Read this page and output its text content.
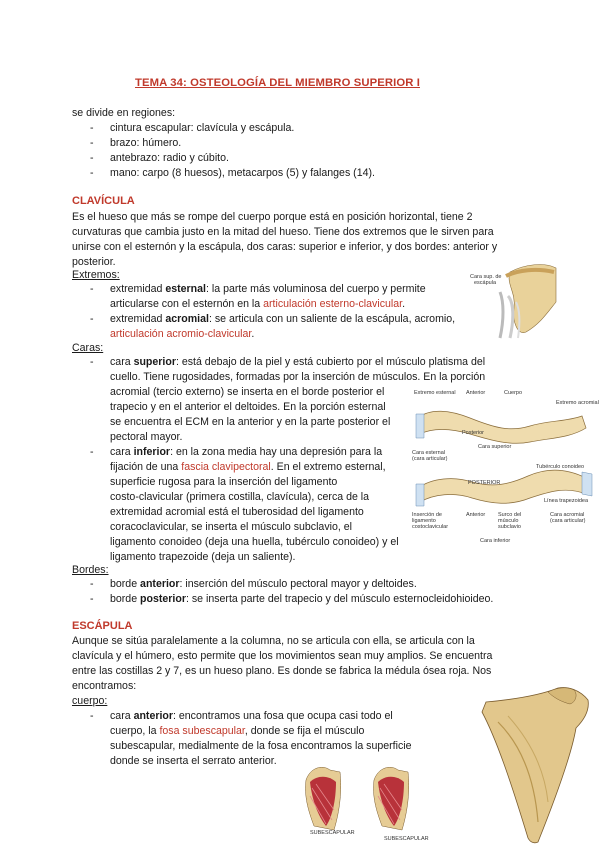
TEMA 34: OSTEOLOGÍA DEL MIEMBRO SUPERIOR I
se divide en regiones:
- cintura escapular: clavícula y escápula.
- brazo: húmero.
- antebrazo: radio y cúbito.
- mano: carpo (8 huesos), metacarpos (5) y falanges (14).
CLAVÍCULA
Es el hueso que más se rompe del cuerpo porque está en posición horizontal, tiene 2
curvaturas que cambia justo en la mitad del hueso. Tiene dos extremos que le sirven para
unirse con el esternón y la escápula, dos caras: superior e inferior, y dos bordes: anterior y
posterior.
Extremos:
- extremidad esternal: la parte más voluminosa del cuerpo y permite
articularse con el esternón en la articulación esterno-clavicular.
- extremidad acromial: se articula con un saliente de la escápula, acromio,
articulación acromio-clavicular.
Caras:
- cara superior: está debajo de la piel y está cubierto por el músculo platisma del
cuello. Tiene rugosidades, formadas por la inserción de músculos. En la porción
acromial (tercio externo) se inserta en el borde posterior el
trapecio y en el anterior el deltoides. En la porción esternal
se encuentra el ECM en la anterior y en la parte posterior el
pectoral mayor.
- cara inferior: en la zona media hay una depresión para la
fijación de una fascia clavipectoral. En el extremo esternal,
superficie rugosa para la inserción del ligamento
costo-clavicular (primera costilla, clavícula), cerca de la
extremidad acromial está el tuberosidad del ligamento
coracoclavicular, se inserta el músculo subclavio, el
ligamento conoideo (deja una huella, tubérculo conoideo) y el
ligamento trapezoide (deja un saliente).
Bordes:
- borde anterior: inserción del músculo pectoral mayor y deltoides.
- borde posterior: se inserta parte del trapecio y del músculo esternocleidohioideo.
ESCÁPULA
Aunque se sitúa paralelamente a la columna, no se articula con ella, se articula con la
clavícula y el húmero, esto permite que los movimientos sean muy amplios. Se encuentra
entre las costillas 2 y 7, es un hueso plano. Es donde se fabrica la médula ósea roja. Nos
encontramos:
cuerpo:
- cara anterior: encontramos una fosa que ocupa casi todo el
cuerpo, la fosa subescapular, donde se fija el músculo
subescapular, medialmente de la fosa encontramos la superficie
donde se inserta el serrato anterior.
Cara sup. de
escápula
Extremo esternal Anterior	Cuerpo
Extremo acromial
Posterior
Cara superior
Cara esternal (cara articular)
Tubérculo conoideo
POSTERIOR
Línea trapezoidea
Inserción de ligamento costoclavicular
Anterior Surco del músculo subclavio
Cara acromial (cara articular)
Cara inferior
SUBESCAPULAR
SUBESCAPULAR
